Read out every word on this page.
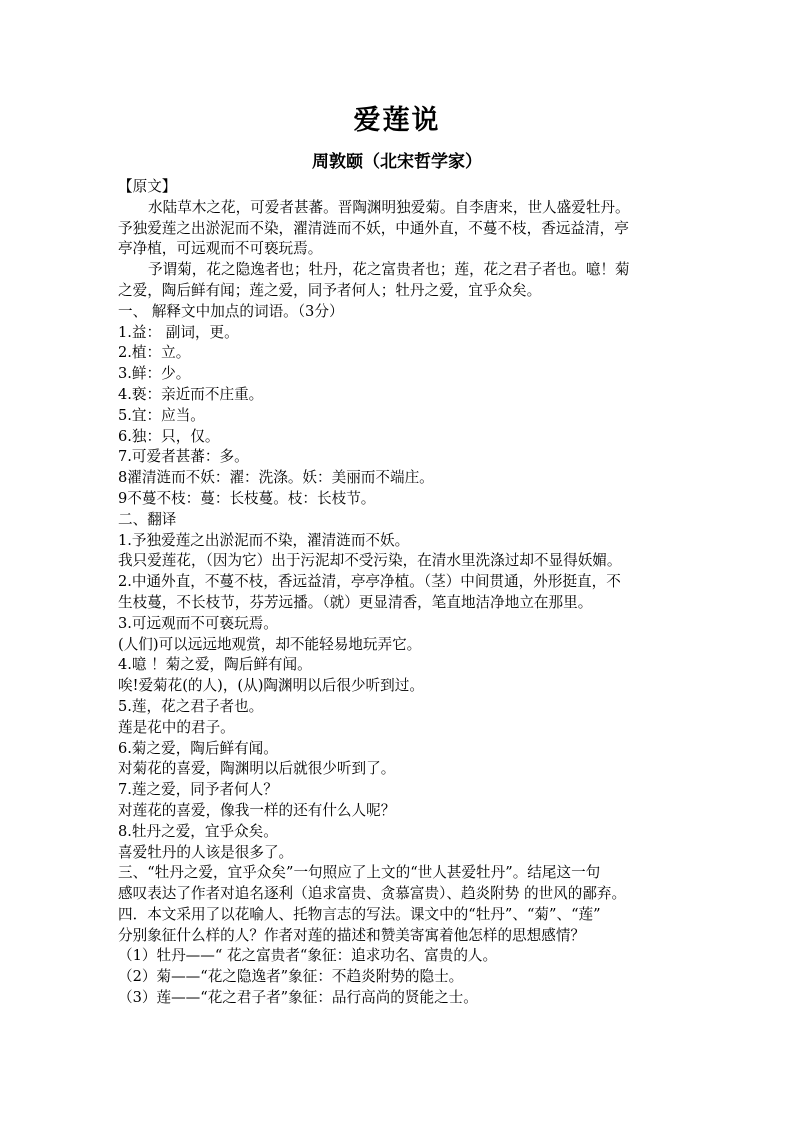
爱莲说
周敦颐（北宋哲学家）
【原文】
水陆草木之花，可爱者甚蕃。晋陶渊明独爱菊。自李唐来，世人盛爱牡丹。
予独爱莲之出淤泥而不染，濯清涟而不妖，中通外直，不蔓不枝，香远益清，亭
亭净植，可远观而不可亵玩焉。
予谓菊，花之隐逸者也；牡丹，花之富贵者也；莲，花之君子者也。噫！菊
之爱，陶后鲜有闻；莲之爱，同予者何人；牡丹之爱，宜乎众矣。
一、 解释文中加点的词语。（3分）
1.益： 副词，更。
2.植：立。
3.鲜：少。
4.亵：亲近而不庄重。
5.宜：应当。
6.独：只，仅。
7.可爱者甚蕃：多。
8濯清涟而不妖：濯：洗涤。妖：美丽而不端庄。
9不蔓不枝：蔓：长枝蔓。枝：长枝节。
二、翻译
1.予独爱莲之出淤泥而不染，濯清涟而不妖。
我只爱莲花，（因为它）出于污泥却不受污染，在清水里洗涤过却不显得妖媚。
2.中通外直，不蔓不枝，香远益清，亭亭净植。（茎）中间贯通，外形挺直，不
生枝蔓，不长枝节，芬芳远播。（就）更显清香，笔直地洁净地立在那里。
3.可远观而不可亵玩焉。
(人们)可以远远地观赏，却不能轻易地玩弄它。
4.噫 ！菊之爱，陶后鲜有闻。
唉!爱菊花(的人)，(从)陶渊明以后很少听到过。
5.莲，花之君子者也。
莲是花中的君子。
6.菊之爱，陶后鲜有闻。
对菊花的喜爱，陶渊明以后就很少听到了。
7.莲之爱，同予者何人？
对莲花的喜爱，像我一样的还有什么人呢？
8.牡丹之爱，宜乎众矣。
喜爱牡丹的人该是很多了。
三、“牡丹之爱，宜乎众矣”一句照应了上文的“世人甚爱牡丹”。结尾这一句
感叹表达了作者对追名逐利（追求富贵、贪慕富贵）、趋炎附势 的世风的鄙弃。
四．本文采用了以花喻人、托物言志的写法。课文中的“牡丹”、“菊”、“莲”
分别象征什么样的人？作者对莲的描述和赞美寄寓着他怎样的思想感情？
（1）牡丹——“ 花之富贵者“象征：追求功名、富贵的人。
（2）菊——“花之隐逸者”象征：不趋炎附势的隐士。
（3）莲——“花之君子者”象征：品行高尚的贤能之士。
